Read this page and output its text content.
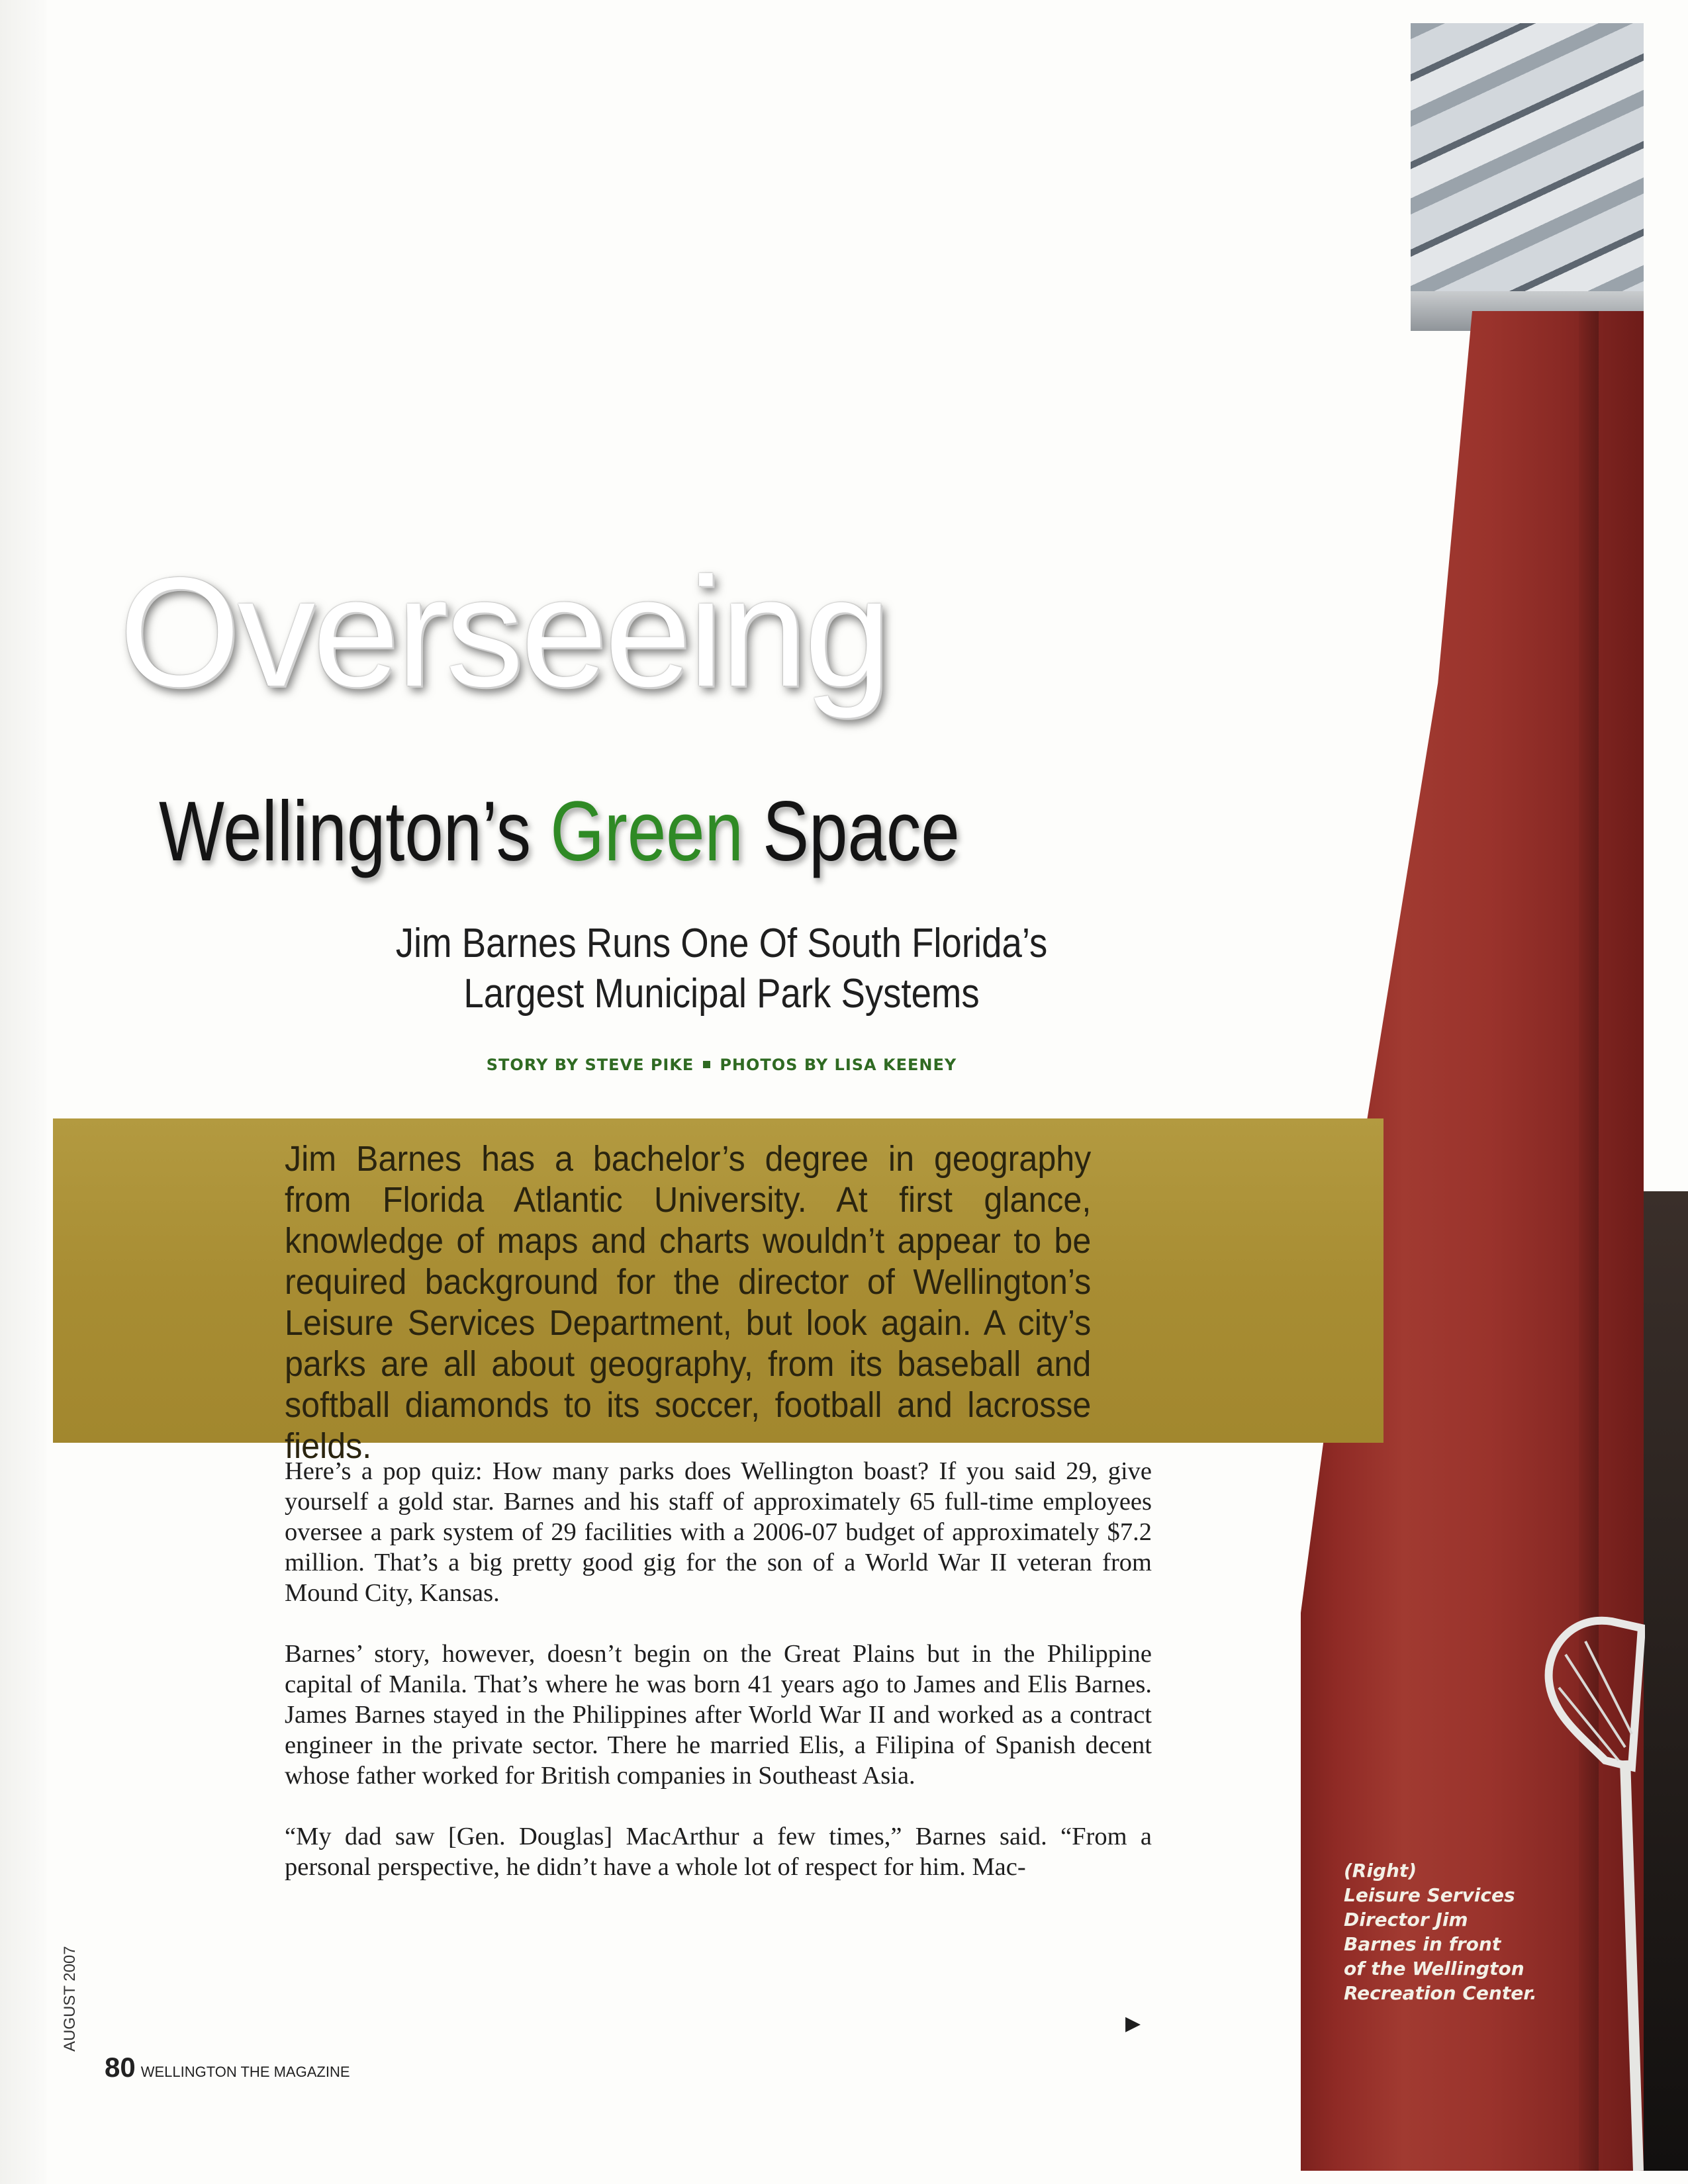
(Right)
Leisure Services
Director Jim
Barnes in front
of the Wellington
Recreation Center.
Overseeing
Wellington’s Green Space
Jim Barnes Runs One Of South Florida’s
Largest Municipal Park Systems
STORY BY STEVE PIKE PHOTOS BY LISA KEENEY
Jim Barnes has a bachelor’s degree in geography from Florida Atlantic University. At first glance, knowledge of maps and charts wouldn’t appear to be required background for the director of Wellington’s Leisure Services Department, but look again. A city’s parks are all about geography, from its baseball and softball diamonds to its soccer, football and lacrosse fields.

Here’s a pop quiz: How many parks does Wellington boast? If you said 29, give yourself a gold star. Barnes and his staff of approximately 65 full-time employees oversee a park system of 29 facilities with a 2006-07 budget of approximately $7.2 million. That’s a big pretty good gig for the son of a World War II veteran from Mound City, Kansas.

Barnes’ story, however, doesn’t begin on the Great Plains but in the Philippine capital of Manila. That’s where he was born 41 years ago to James and Elis Barnes. James Barnes stayed in the Philippines after World War II and worked as a contract engineer in the private sector. There he married Elis, a Filipina of Spanish decent whose father worked for British companies in Southeast Asia.

“My dad saw [Gen. Douglas] MacArthur a few times,” Barnes said. “From a personal perspective, he didn’t have a whole lot of respect for him. Mac-

▶
AUGUST 2007
80 WELLINGTON THE MAGAZINE
